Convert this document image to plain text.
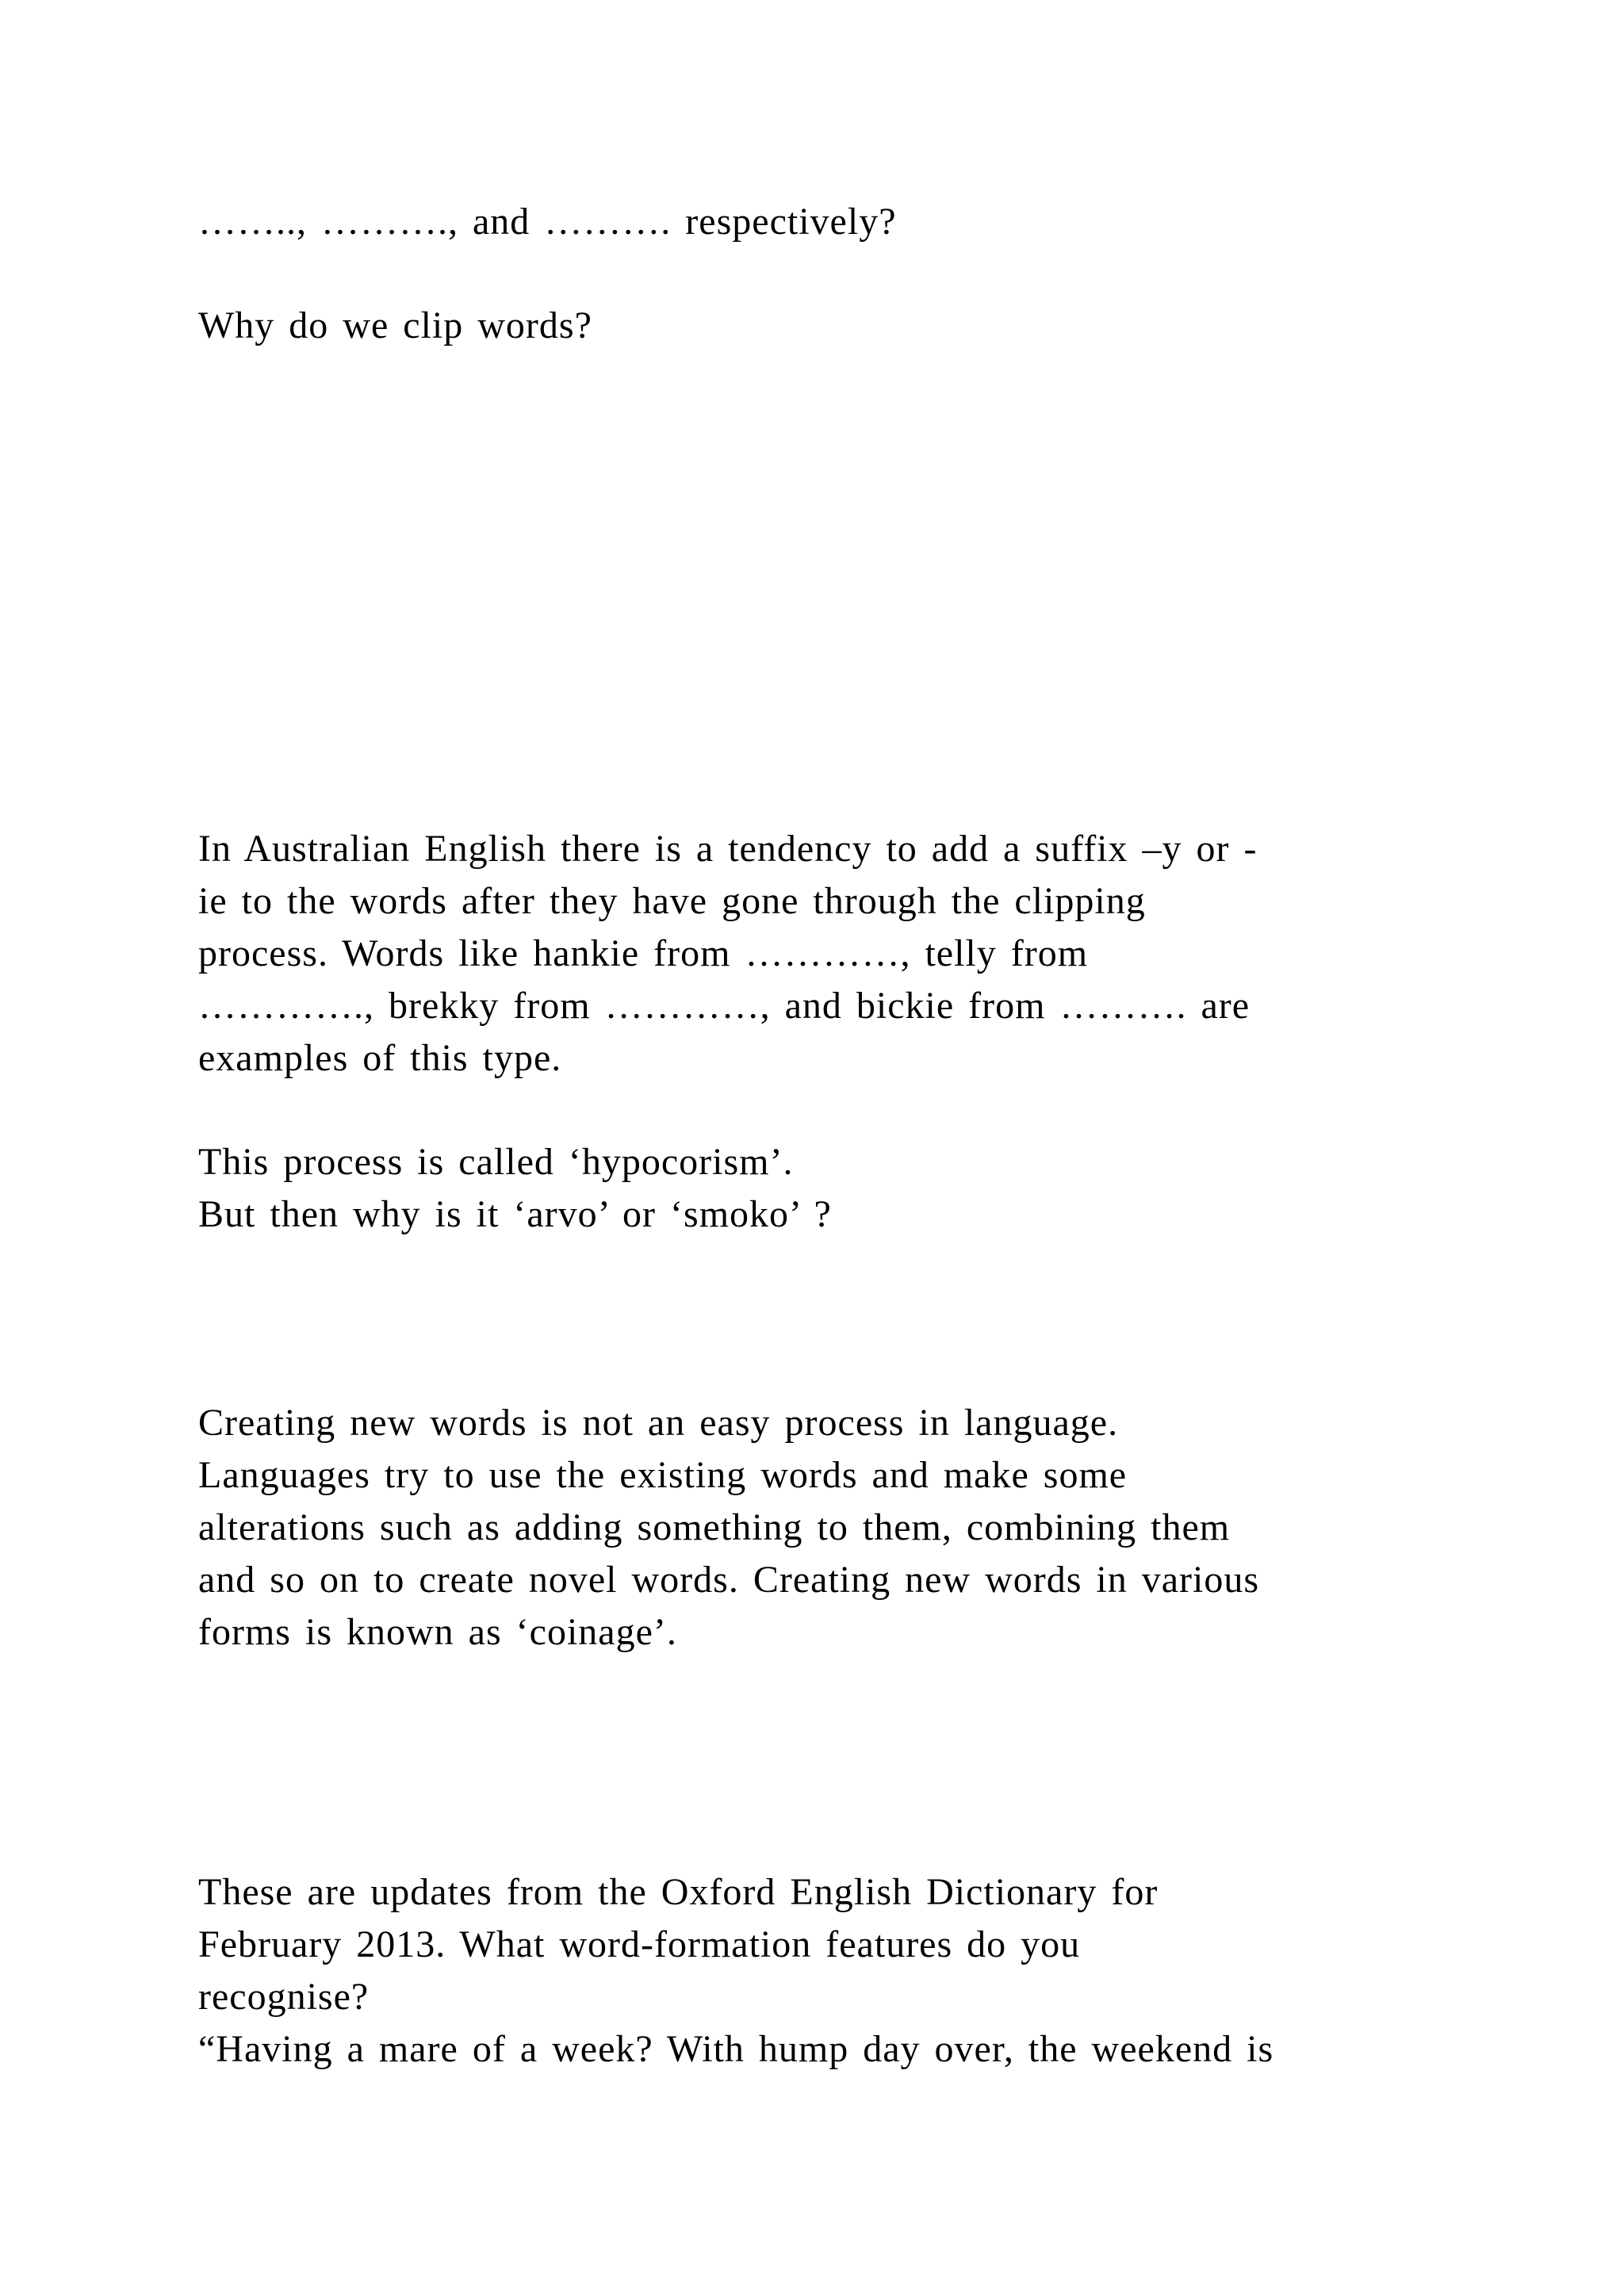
…….., ………., and ………. respectively?
Why do we clip words?
In Australian English there is a tendency to add a suffix –y or -
ie to the words after they have gone through the clipping
process. Words like hankie from …………, telly from
…………., brekky from …………, and bickie from ………. are
examples of this type.
This process is called ‘hypocorism’.
But then why is it ‘arvo’ or ‘smoko’ ?
Creating new words is not an easy process in language.
Languages try to use the existing words and make some
alterations such as adding something to them, combining them
and so on to create novel words. Creating new words in various
forms is known as ‘coinage’.
These are updates from the Oxford English Dictionary for
February 2013. What word-formation features do you
recognise?
“Having a mare of a week? With hump day over, the weekend is
